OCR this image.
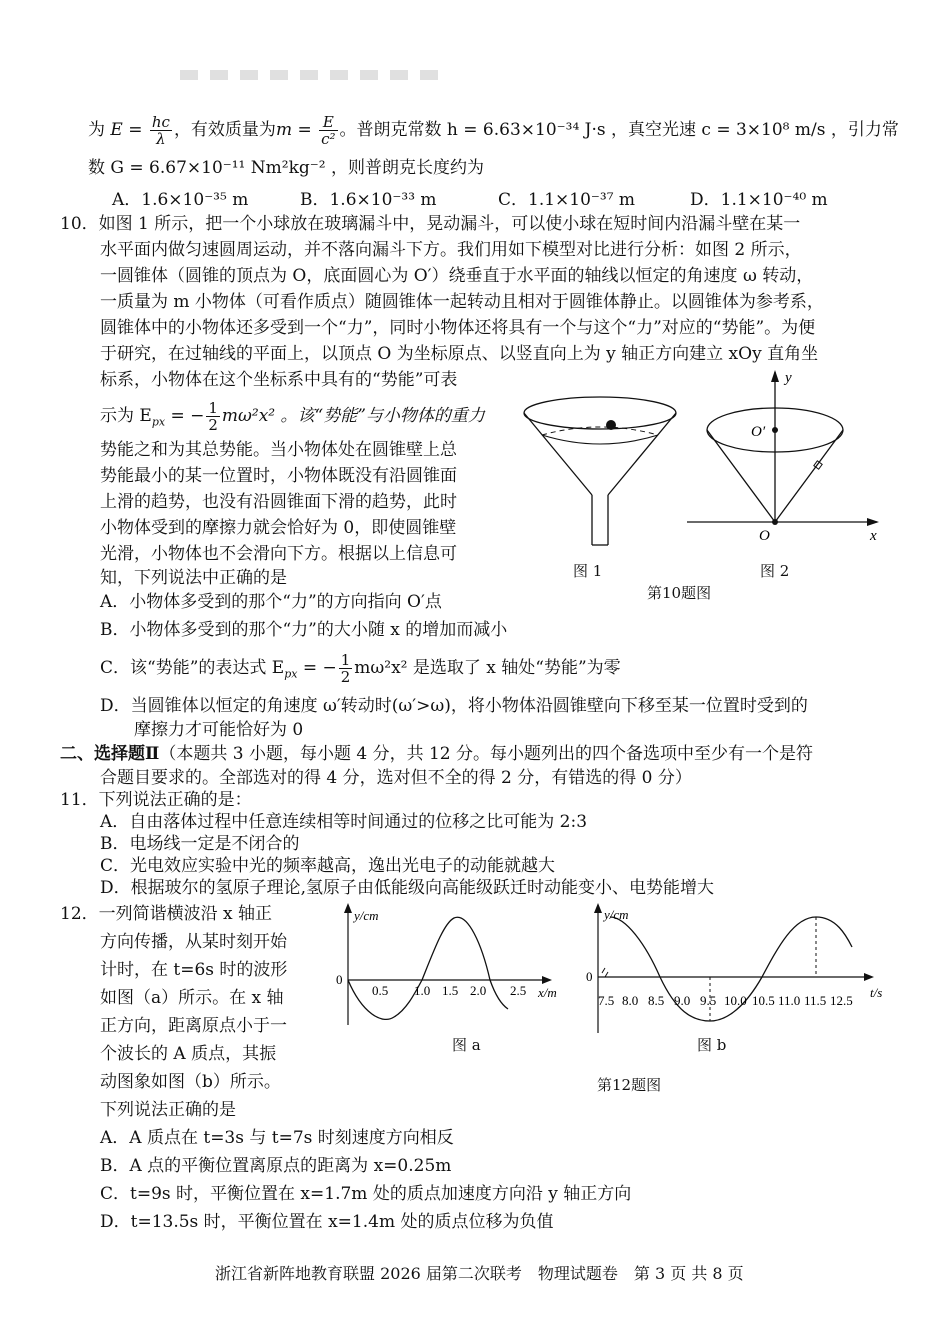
为 $E = \frac{hc}{\lambda}$ ，有效质量为$m = \frac{E}{\text{c²}}$ 。普朗克常数 h = 6.63×10⁻³⁴ J·s ，真空光速 c = 3×10⁸ m/s ，引力常
数 G = 6.67×10⁻¹¹ Nm²kg⁻² ，则普朗克长度约为
A．1.6×10⁻³⁵ m	B．1.6×10⁻³³ m	C．1.1×10⁻³⁷ m	D．1.1×10⁻⁴⁰ m
10．如图 1 所示，把一个小球放在玻璃漏斗中，晃动漏斗，可以使小球在短时间内沿漏斗壁在某一
水平面内做匀速圆周运动，并不落向漏斗下方。我们用如下模型对比进行分析：如图 2 所示，
一圆锥体（圆锥的顶点为 O，底面圆心为 O′）绕垂直于水平面的轴线以恒定的角速度 ω 转动，
一质量为 m 小物体（可看作质点）随圆锥体一起转动且相对于圆锥体静止。以圆锥体为参考系，
圆锥体中的小物体还多受到一个“力”，同时小物体还将具有一个与这个“力”对应的“势能”。为便
于研究，在过轴线的平面上，以顶点 O 为坐标原点、以竖直向上为 y 轴正方向建立 xOy 直角坐
标系，小物体在这个坐标系中具有的“势能”可表
示为 $E_{px}$ = − $\frac{1}{2} m\omega^2x^2$ 。该“势能”与小物体的重力
势能之和为其总势能。当小物体处在圆锥壁上总
势能最小的某一位置时，小物体既没有沿圆锥面
上滑的趋势，也没有沿圆锥面下滑的趋势，此时
小物体受到的摩擦力就会恰好为 0，即使圆锥壁
光滑，小物体也不会滑向下方。根据以上信息可
知，下列说法中正确的是	图 1
y
x
O
O′
图 2
第10题图
A．小物体多受到的那个“力”的方向指向 O′点
B．小物体多受到的那个“力”的大小随 x 的增加而减小
C．该“势能”的表达式 $E_{px}$ = − $\frac{1}{2} m\omega^2x^2$ 是选取了 x 轴处“势能”为零
D．当圆锥体以恒定的角速度 ω′转动时(ω′>ω)，将小物体沿圆锥壁向下移至某一位置时受到的
摩擦力才可能恰好为 0
二、选择题Ⅱ（本题共 3 小题，每小题 4 分，共 12 分。每小题列出的四个备选项中至少有一个是符
合题目要求的。全部选对的得 4 分，选对但不全的得 2 分，有错选的得 0 分）
11．下列说法正确的是：
A．自由落体过程中任意连续相等时间通过的位移之比可能为 2:3
B．电场线一定是不闭合的
C．光电效应实验中光的频率越高，逸出光电子的动能就越大
D．根据玻尔的氢原子理论,氢原子由低能级向高能级跃迁时动能变小、电势能增大
12．一列简谐横波沿 x 轴正
方向传播，从某时刻开始
计时，在 t=6s 时的波形
如图（a）所示。在 x 轴
正方向，距离原点小于一
个波长的 A 质点，其振
动图象如图（b）所示。
下列说法正确的是
y/cm
x/m
0
0.5 1.0 1.5 2.0 2.5
图 a
y/cm
t/s
0
7.5 8.0 8.5 9.0 9.5 10.0 10.5 11.0 11.5 12.5
图 b
第12题图
A．A 质点在 t=3s 与 t=7s 时刻速度方向相反
B．A 点的平衡位置离原点的距离为 x=0.25m
C．t=9s 时，平衡位置在 x=1.7m 处的质点加速度方向沿 y 轴正方向
D．t=13.5s 时，平衡位置在 x=1.4m 处的质点位移为负值
浙江省新阵地教育联盟 2026 届第二次联考　物理试题卷　第 3 页 共 8 页
